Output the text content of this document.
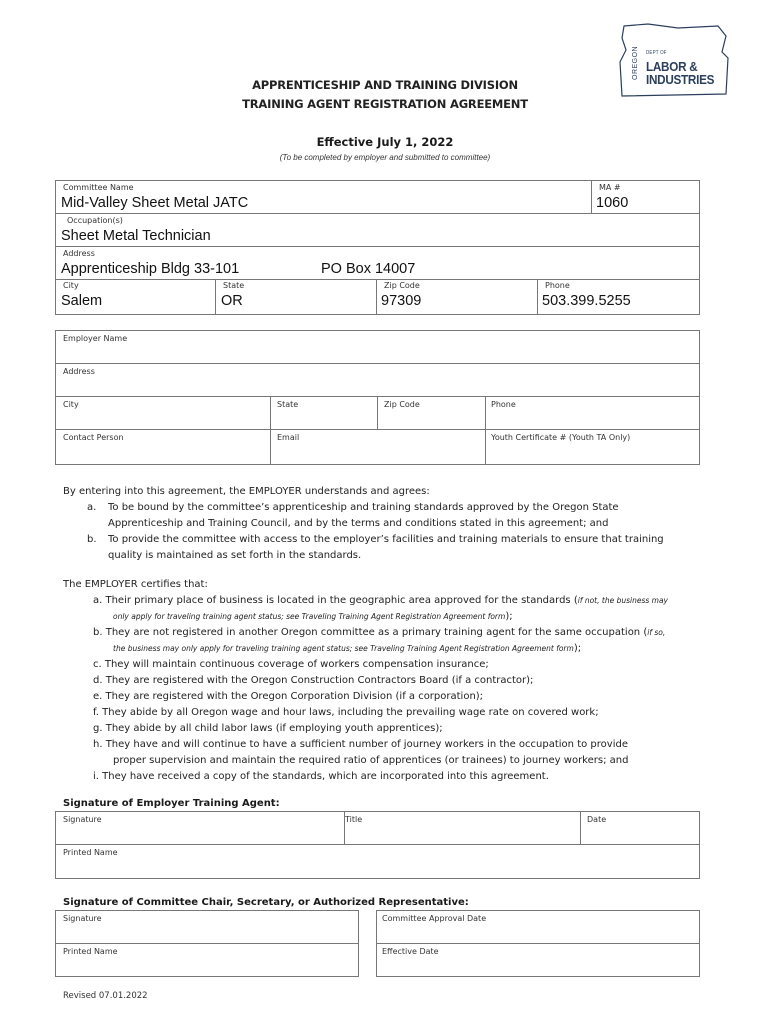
OREGON DEPT OF
LABOR &
INDUSTRIES
APPRENTICESHIP AND TRAINING DIVISION
TRAINING AGENT REGISTRATION AGREEMENT
Effective July 1, 2022
(To be completed by employer and submitted to committee)
Committee Name
Mid-Valley Sheet Metal JATC
MA #
1060
Occupation(s)
Sheet Metal Technician
Address
Apprenticeship Bldg 33-101	PO Box 14007
City
Salem
State
OR
Zip Code
97309
Phone
503.399.5255
Employer Name
Address
City	State	Zip Code	Phone
Contact Person	Email	Youth Certificate # (Youth TA Only)
By entering into this agreement, the EMPLOYER understands and agrees:
a. To be bound by the committee’s apprenticeship and training standards approved by the Oregon State
Apprenticeship and Training Council, and by the terms and conditions stated in this agreement; and
b. To provide the committee with access to the employer’s facilities and training materials to ensure that training
quality is maintained as set forth in the standards.
The EMPLOYER certifies that:
a. Their primary place of business is located in the geographic area approved for the standards (if not, the business may
only apply for traveling training agent status; see Traveling Training Agent Registration Agreement form);
b. They are not registered in another Oregon committee as a primary training agent for the same occupation (if so,
the business may only apply for traveling training agent status; see Traveling Training Agent Registration Agreement form);
c. They will maintain continuous coverage of workers compensation insurance;
d. They are registered with the Oregon Construction Contractors Board (if a contractor);
e. They are registered with the Oregon Corporation Division (if a corporation);
f. They abide by all Oregon wage and hour laws, including the prevailing wage rate on covered work;
g. They abide by all child labor laws (if employing youth apprentices);
h. They have and will continue to have a sufficient number of journey workers in the occupation to provide
proper supervision and maintain the required ratio of apprentices (or trainees) to journey workers; and
i. They have received a copy of the standards, which are incorporated into this agreement.
Signature of Employer Training Agent:
Signature	Title	Date
Printed Name
Signature of Committee Chair, Secretary, or Authorized Representative:
Signature	Committee Approval Date
Printed Name	Effective Date
Revised 07.01.2022
